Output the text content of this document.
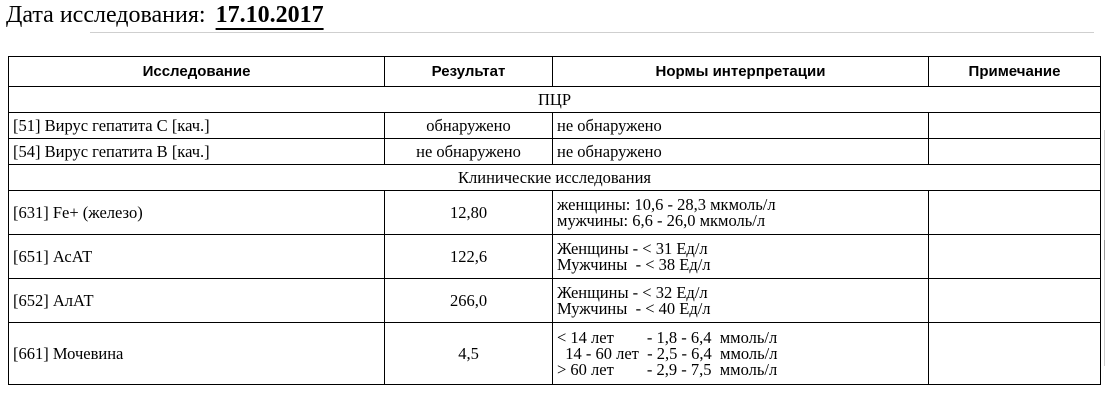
Дата исследования: 17.10.2017
Исследование	Результат	Нормы интерпретации	Примечание
ПЦР			
[51] Вирус гепатита С [кач.]	обнаружено	не обнаружено	

[54] Вирус гепатита В [кач.]	не обнаружено	не обнаружено	

Клинические исследования			
[631] Fe+ (железо)	12,80	женщины: 10,6 - 28,3 мкмоль/л
мужчины: 6,6 - 26,0 мкмоль/л	

[651] АсАТ	122,6	Женщины - < 31 Ед/л
Мужчины  - < 38 Ед/л	

[652] АлАТ	266,0	Женщины - < 32 Ед/л
Мужчины  - < 40 Ед/л	

[661] Мочевина	4,5	< 14 лет        - 1,8 - 6,4  ммоль/л
14 - 60 лет  - 2,5 - 6,4  ммоль/л
> 60 лет        - 2,9 - 7,5  ммоль/л	
